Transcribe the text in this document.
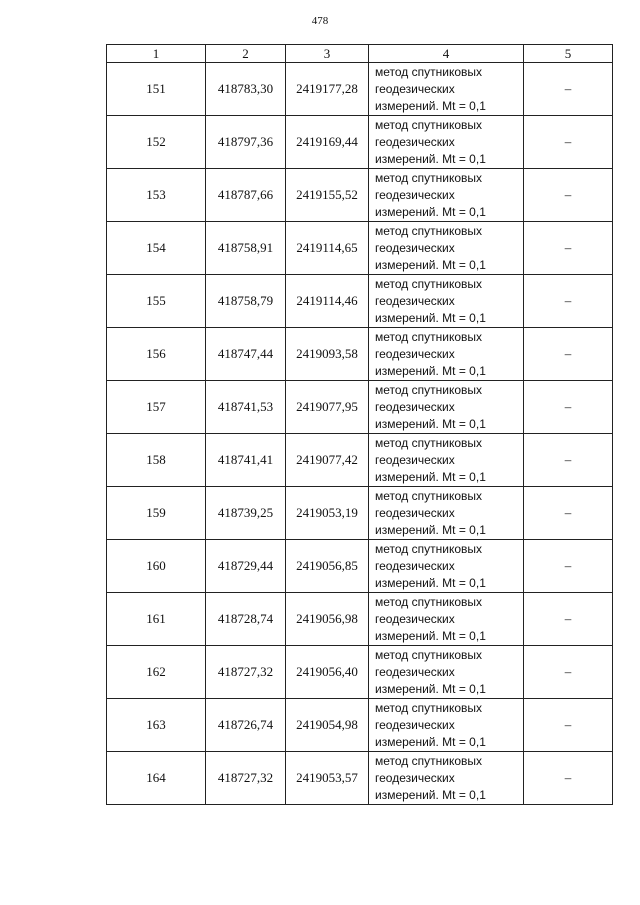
478
1	2	3	4	5
151	418783,30	2419177,28	метод спутниковых
геодезических
измерений. Mt = 0,1	–
152	418797,36	2419169,44	метод спутниковых
геодезических
измерений. Mt = 0,1	–
153	418787,66	2419155,52	метод спутниковых
геодезических
измерений. Mt = 0,1	–
154	418758,91	2419114,65	метод спутниковых
геодезических
измерений. Mt = 0,1	–
155	418758,79	2419114,46	метод спутниковых
геодезических
измерений. Mt = 0,1	–
156	418747,44	2419093,58	метод спутниковых
геодезических
измерений. Mt = 0,1	–
157	418741,53	2419077,95	метод спутниковых
геодезических
измерений. Mt = 0,1	–
158	418741,41	2419077,42	метод спутниковых
геодезических
измерений. Mt = 0,1	–
159	418739,25	2419053,19	метод спутниковых
геодезических
измерений. Mt = 0,1	–
160	418729,44	2419056,85	метод спутниковых
геодезических
измерений. Mt = 0,1	–
161	418728,74	2419056,98	метод спутниковых
геодезических
измерений. Mt = 0,1	–
162	418727,32	2419056,40	метод спутниковых
геодезических
измерений. Mt = 0,1	–
163	418726,74	2419054,98	метод спутниковых
геодезических
измерений. Mt = 0,1	–
164	418727,32	2419053,57	метод спутниковых
геодезических
измерений. Mt = 0,1	–
